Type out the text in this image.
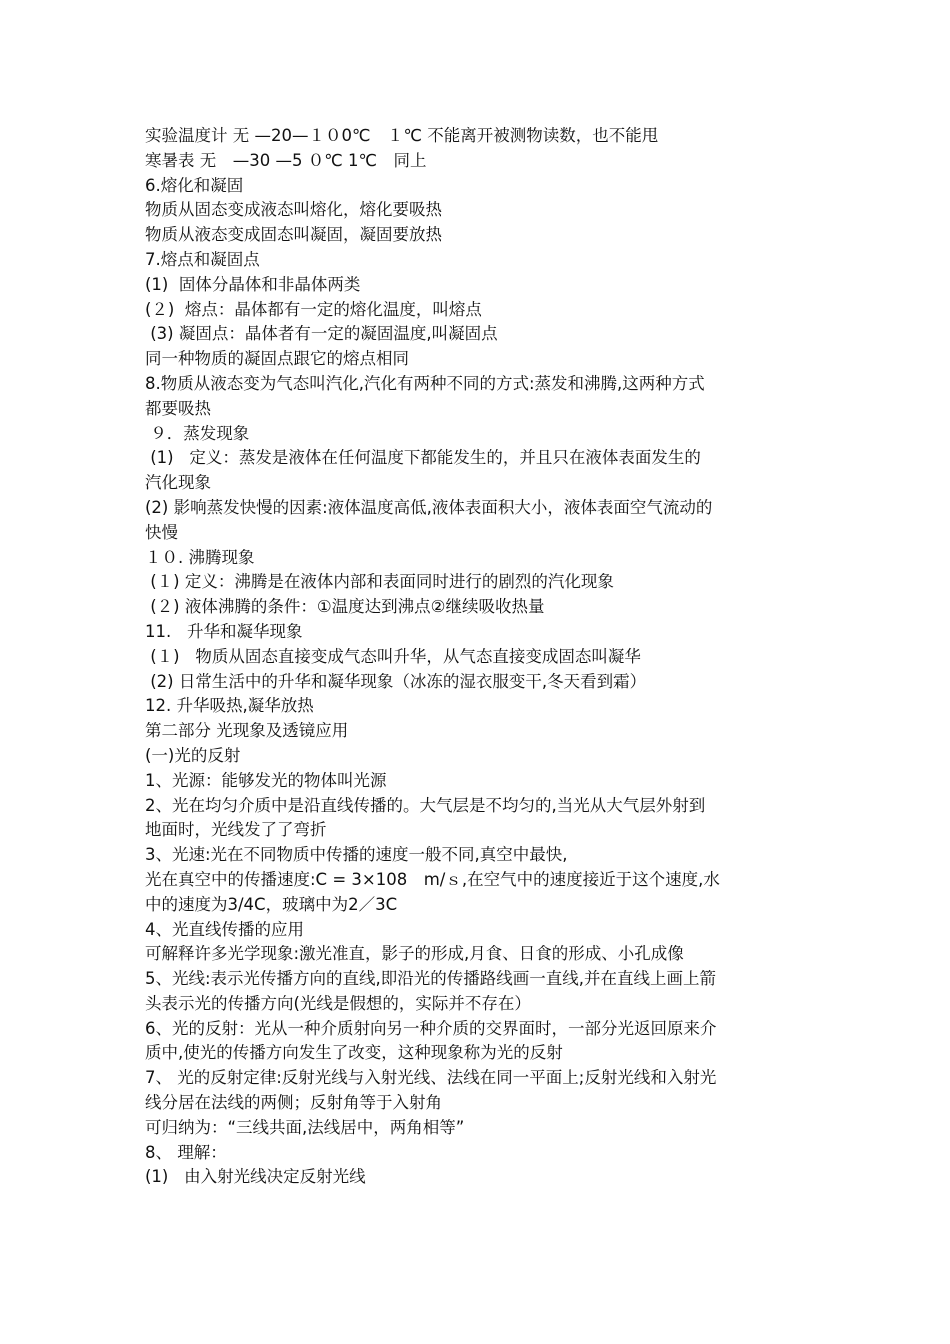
实验温度计 无 —20—１０0℃　１℃ 不能离开被测物读数，也不能甩
寒暑表 无　—30 —5 ０℃ 1℃　同上
6.熔化和凝固
物质从固态变成液态叫熔化，熔化要吸热
物质从液态变成固态叫凝固，凝固要放热
7.熔点和凝固点
(1)  固体分晶体和非晶体两类
(２)  熔点：晶体都有一定的熔化温度，叫熔点
(3) 凝固点：晶体者有一定的凝固温度,叫凝固点
同一种物质的凝固点跟它的熔点相同
8.物质从液态变为气态叫汽化,汽化有两种不同的方式:蒸发和沸腾,这两种方式
都要吸热
９．蒸发现象
(1)   定义：蒸发是液体在任何温度下都能发生的，并且只在液体表面发生的
汽化现象
(2) 影响蒸发快慢的因素:液体温度高低,液体表面积大小，液体表面空气流动的
快慢
１０. 沸腾现象
(１) 定义：沸腾是在液体内部和表面同时进行的剧烈的汽化现象
(２) 液体沸腾的条件：①温度达到沸点②继续吸收热量
11.   升华和凝华现象
(１)   物质从固态直接变成气态叫升华，从气态直接变成固态叫凝华
(2) 日常生活中的升华和凝华现象（冰冻的湿衣服变干,冬天看到霜）
12. 升华吸热,凝华放热
第二部分 光现象及透镜应用
(一)光的反射
1、光源：能够发光的物体叫光源
2、光在均匀介质中是沿直线传播的。大气层是不均匀的,当光从大气层外射到
地面时，光线发了了弯折
3、光速:光在不同物质中传播的速度一般不同,真空中最快,
光在真空中的传播速度:C = 3×108　m/ｓ,在空气中的速度接近于这个速度,水
中的速度为3/4C，玻璃中为2／3C
4、光直线传播的应用
可解释许多光学现象:激光准直，影子的形成,月食、日食的形成、小孔成像
5、光线:表示光传播方向的直线,即沿光的传播路线画一直线,并在直线上画上箭
头表示光的传播方向(光线是假想的，实际并不存在）
6、光的反射：光从一种介质射向另一种介质的交界面时，一部分光返回原来介
质中,使光的传播方向发生了改变，这种现象称为光的反射
7、 光的反射定律:反射光线与入射光线、法线在同一平面上;反射光线和入射光
线分居在法线的两侧；反射角等于入射角
可归纳为：“三线共面,法线居中，两角相等”
8、 理解：
(1)   由入射光线决定反射光线
